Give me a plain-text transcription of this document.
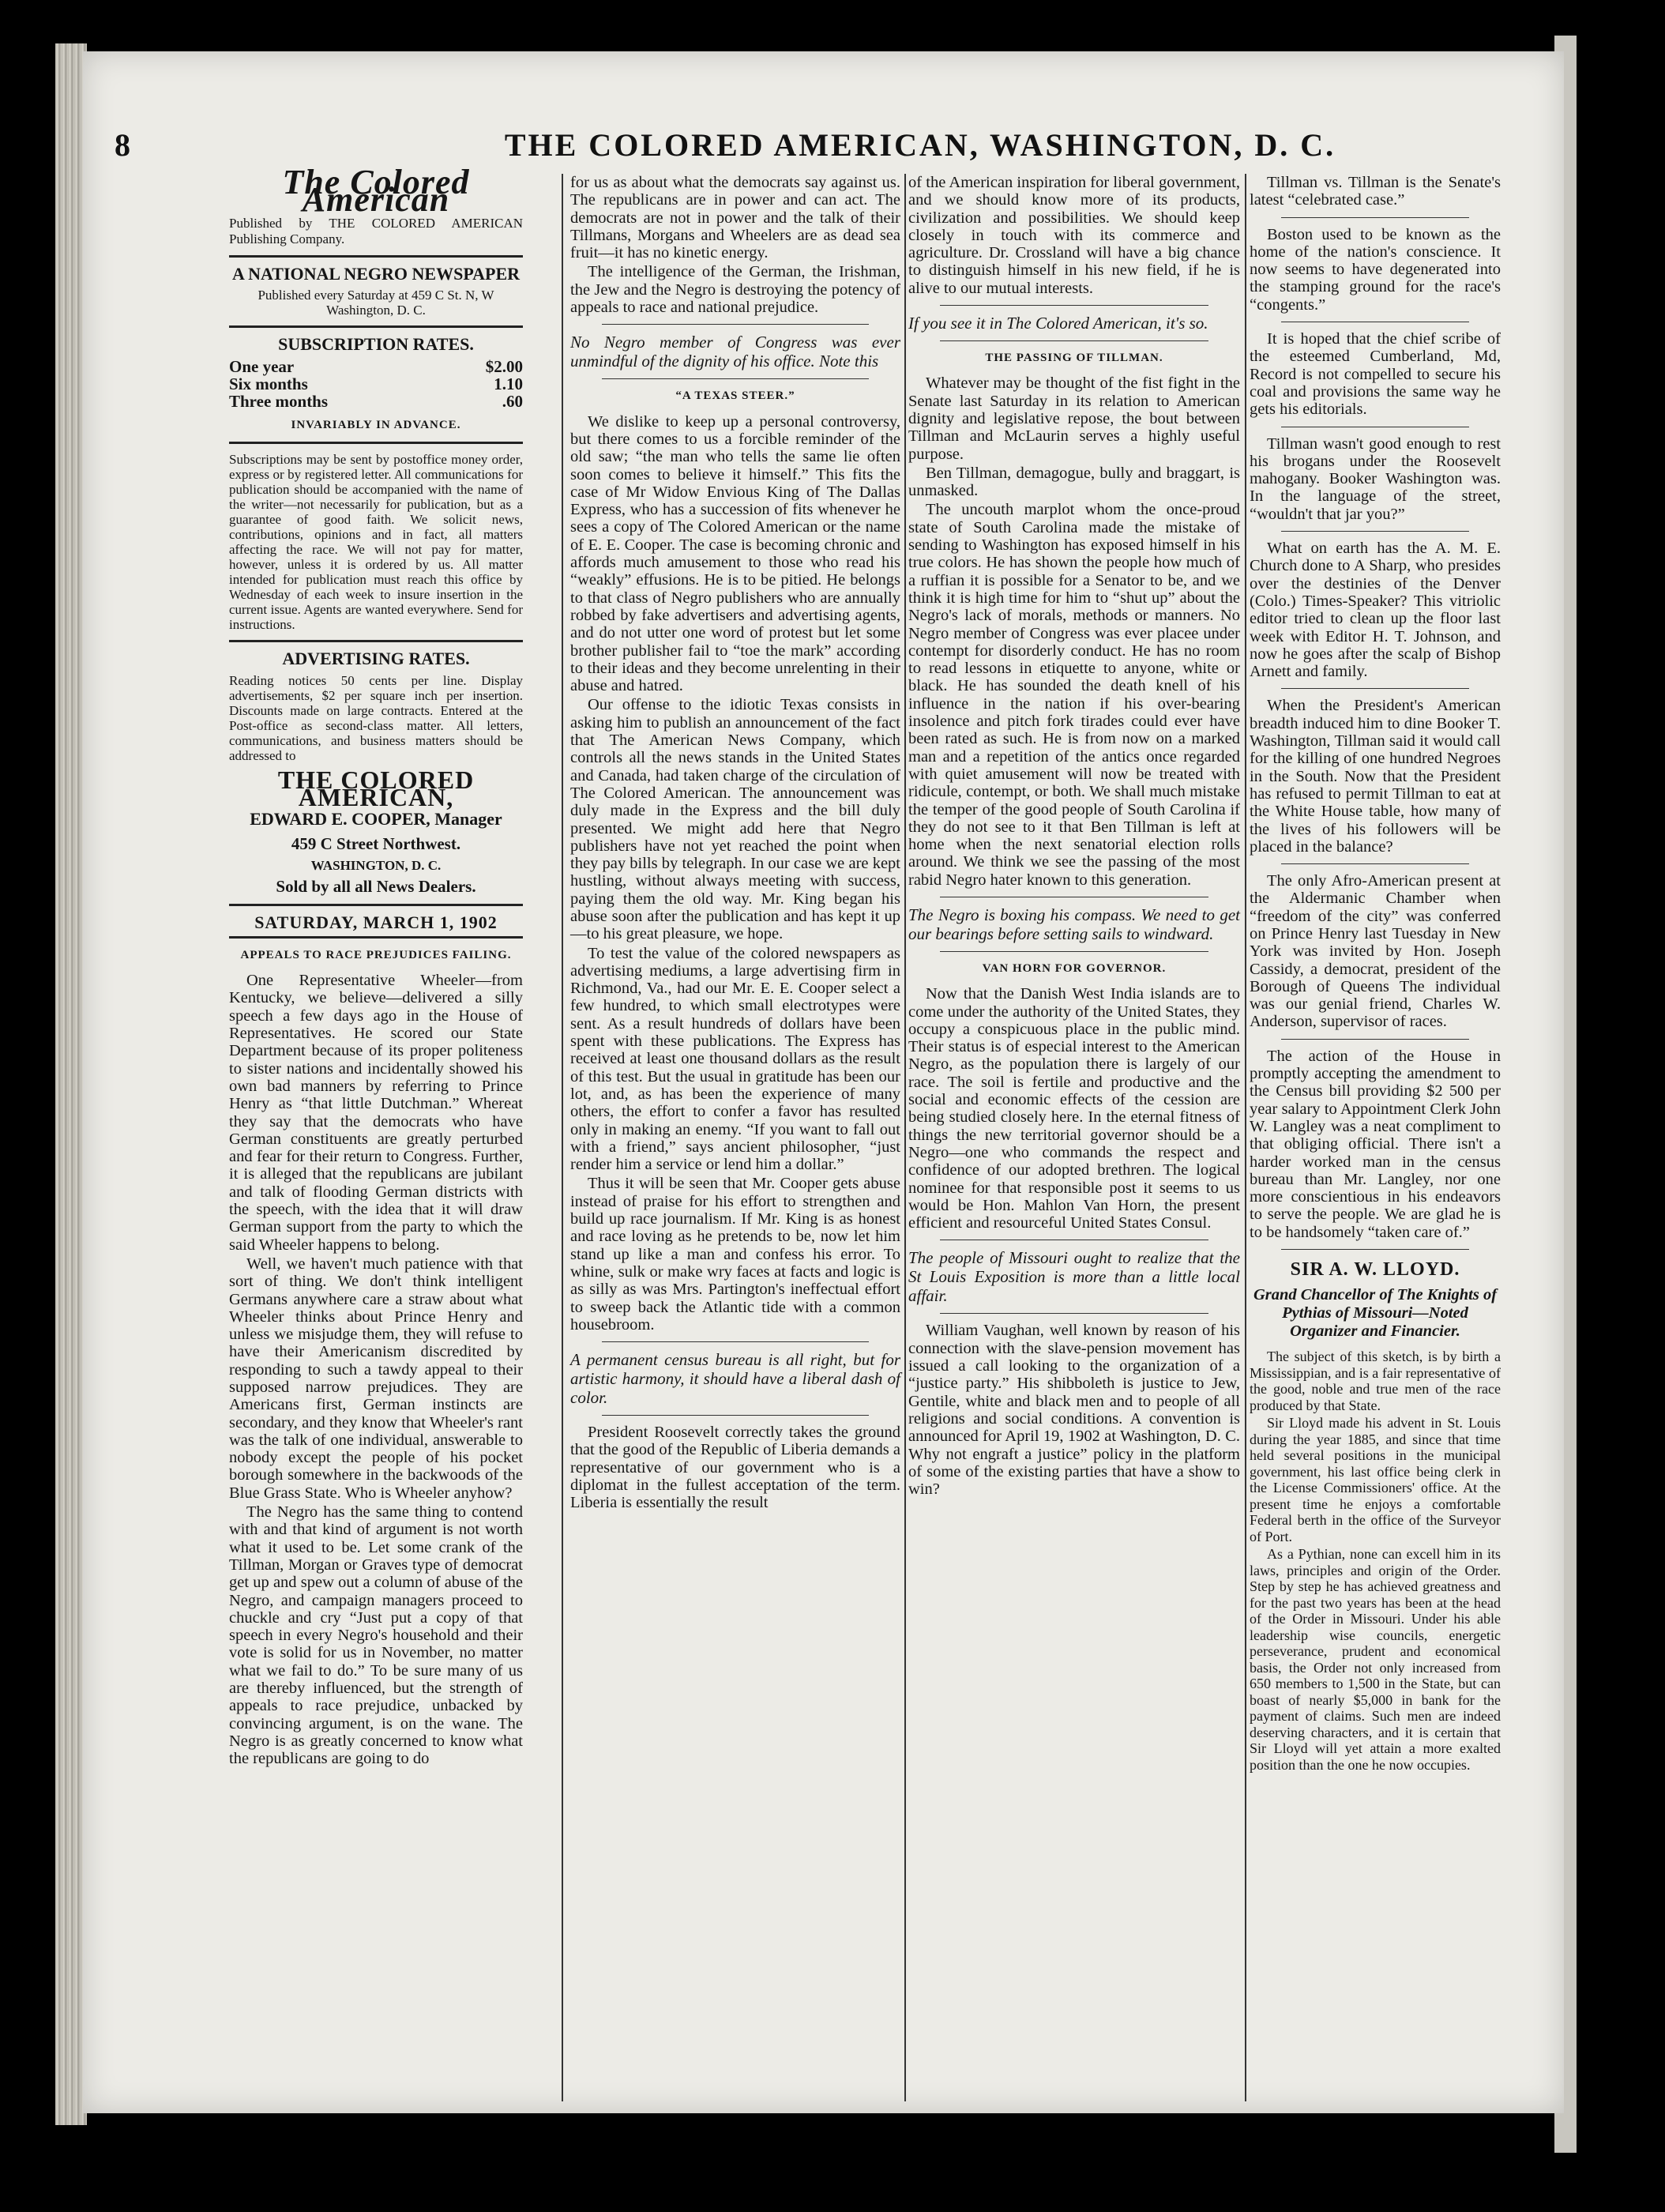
8	THE COLORED AMERICAN, WASHINGTON, D. C.
The Colored American
Published by THE COLORED AMERICAN Publishing Company.
A NATIONAL NEGRO NEWSPAPER
Published every Saturday at 459 C St. N, W Washington, D. C.
SUBSCRIPTION RATES.
One year	$2.00
Six months	1.10
Three months	.60
INVARIABLY IN ADVANCE.
Subscriptions may be sent by postoffice money order, express or by registered letter. All communications for publication should be accompanied with the name of the writer—not necessarily for publication, but as a guarantee of good faith. We solicit news, contributions, opinions and in fact, all matters affecting the race. We will not pay for matter, however, unless it is ordered by us. All matter intended for publication must reach this office by Wednesday of each week to insure insertion in the current issue. Agents are wanted everywhere. Send for instructions.
ADVERTISING RATES.
Reading notices 50 cents per line. Display advertisements, $2 per square inch per insertion. Discounts made on large contracts. Entered at the Post-office as second-class matter. All letters, communications, and business matters should be addressed to
THE COLORED AMERICAN,
EDWARD E. COOPER, Manager
459 C Street Northwest.
WASHINGTON, D. C.
Sold by all all News Dealers.
SATURDAY, MARCH 1, 1902
APPEALS TO RACE PREJUDICES FAILING.

One Representative Wheeler—from Kentucky, we believe—delivered a silly speech a few days ago in the House of Representatives. He scored our State Department because of its proper politeness to sister nations and incidentally showed his own bad manners by referring to Prince Henry as “that little Dutchman.” Whereat they say that the democrats who have German constituents are greatly perturbed and fear for their return to Congress. Further, it is alleged that the republicans are jubilant and talk of flooding German districts with the speech, with the idea that it will draw German support from the party to which the said Wheeler happens to belong.

Well, we haven't much patience with that sort of thing. We don't think intelligent Germans anywhere care a straw about what Wheeler thinks about Prince Henry and unless we misjudge them, they will refuse to have their Americanism discredited by responding to such a tawdy appeal to their supposed narrow prejudices. They are Americans first, German instincts are secondary, and they know that Wheeler's rant was the talk of one individual, answerable to nobody except the people of his pocket borough somewhere in the backwoods of the Blue Grass State. Who is Wheeler anyhow?

The Negro has the same thing to contend with and that kind of argument is not worth what it used to be. Let some crank of the Tillman, Morgan or Graves type of democrat get up and spew out a column of abuse of the Negro, and campaign managers proceed to chuckle and cry “Just put a copy of that speech in every Negro's household and their vote is solid for us in November, no matter what we fail to do.” To be sure many of us are thereby influenced, but the strength of appeals to race prejudice, unbacked by convincing argument, is on the wane. The Negro is as greatly concerned to know what the republicans are going to do

for us as about what the democrats say against us. The republicans are in power and can act. The democrats are not in power and the talk of their Tillmans, Morgans and Wheelers are as dead sea fruit—it has no kinetic energy.

The intelligence of the German, the Irishman, the Jew and the Negro is destroying the potency of appeals to race and national prejudice.

No Negro member of Congress was ever unmindful of the dignity of his office. Note this

“A TEXAS STEER.”

We dislike to keep up a personal controversy, but there comes to us a forcible reminder of the old saw; “the man who tells the same lie often soon comes to believe it himself.” This fits the case of Mr Widow Envious King of The Dallas Express, who has a succession of fits whenever he sees a copy of The Colored American or the name of E. E. Cooper. The case is becoming chronic and affords much amusement to those who read his “weakly” effusions. He is to be pitied. He belongs to that class of Negro publishers who are annually robbed by fake advertisers and advertising agents, and do not utter one word of protest but let some brother publisher fail to “toe the mark” according to their ideas and they become unrelenting in their abuse and hatred.

Our offense to the idiotic Texas consists in asking him to publish an announcement of the fact that The American News Company, which controls all the news stands in the United States and Canada, had taken charge of the circulation of The Colored American. The announcement was duly made in the Express and the bill duly presented. We might add here that Negro publishers have not yet reached the point when they pay bills by telegraph. In our case we are kept hustling, without always meeting with success, paying them the old way. Mr. King began his abuse soon after the publication and has kept it up—to his great pleasure, we hope.

To test the value of the colored newspapers as advertising mediums, a large advertising firm in Richmond, Va., had our Mr. E. E. Cooper select a few hundred, to which small electrotypes were sent. As a result hundreds of dollars have been spent with these publications. The Express has received at least one thousand dollars as the result of this test. But the usual in gratitude has been our lot, and, as has been the experience of many others, the effort to confer a favor has resulted only in making an enemy. “If you want to fall out with a friend,” says ancient philosopher, “just render him a service or lend him a dollar.”

Thus it will be seen that Mr. Cooper gets abuse instead of praise for his effort to strengthen and build up race journalism. If Mr. King is as honest and race loving as he pretends to be, now let him stand up like a man and confess his error. To whine, sulk or make wry faces at facts and logic is as silly as was Mrs. Partington's ineffectual effort to sweep back the Atlantic tide with a common housebroom.

A permanent census bureau is all right, but for artistic harmony, it should have a liberal dash of color.

President Roosevelt correctly takes the ground that the good of the Republic of Liberia demands a representative of our government who is a diplomat in the fullest acceptation of the term. Liberia is essentially the result

of the American inspiration for liberal government, and we should know more of its products, civilization and possibilities. We should keep closely in touch with its commerce and agriculture. Dr. Crossland will have a big chance to distinguish himself in his new field, if he is alive to our mutual interests.

If you see it in The Colored American, it's so.

THE PASSING OF TILLMAN.

Whatever may be thought of the fist fight in the Senate last Saturday in its relation to American dignity and legislative repose, the bout between Tillman and McLaurin serves a highly useful purpose.

Ben Tillman, demagogue, bully and braggart, is unmasked.

The uncouth marplot whom the once-proud state of South Carolina made the mistake of sending to Washington has exposed himself in his true colors. He has shown the people how much of a ruffian it is possible for a Senator to be, and we think it is high time for him to “shut up” about the Negro's lack of morals, methods or manners. No Negro member of Congress was ever placee under contempt for disorderly conduct. He has no room to read lessons in etiquette to anyone, white or black. He has sounded the death knell of his influence in the nation if his over-bearing insolence and pitch fork tirades could ever have been rated as such. He is from now on a marked man and a repetition of the antics once regarded with quiet amusement will now be treated with ridicule, contempt, or both. We shall much mistake the temper of the good people of South Carolina if they do not see to it that Ben Tillman is left at home when the next senatorial election rolls around. We think we see the passing of the most rabid Negro hater known to this generation.

The Negro is boxing his compass. We need to get our bearings before setting sails to windward.

VAN HORN FOR GOVERNOR.

Now that the Danish West India islands are to come under the authority of the United States, they occupy a conspicuous place in the public mind. Their status is of especial interest to the American Negro, as the population there is largely of our race. The soil is fertile and productive and the social and economic effects of the cession are being studied closely here. In the eternal fitness of things the new territorial governor should be a Negro—one who commands the respect and confidence of our adopted brethren. The logical nominee for that responsible post it seems to us would be Hon. Mahlon Van Horn, the present efficient and resourceful United States Consul.

The people of Missouri ought to realize that the St Louis Exposition is more than a little local affair.

William Vaughan, well known by reason of his connection with the slave-pension movement has issued a call looking to the organization of a “justice party.” His shibboleth is justice to Jew, Gentile, white and black men and to people of all religions and social conditions. A convention is announced for April 19, 1902 at Washington, D. C. Why not engraft a justice” policy in the platform of some of the existing parties that have a show to win?

Tillman vs. Tillman is the Senate's latest “celebrated case.”

Boston used to be known as the home of the nation's conscience. It now seems to have degenerated into the stamping ground for the race's “congents.”

It is hoped that the chief scribe of the esteemed Cumberland, Md, Record is not compelled to secure his coal and provisions the same way he gets his editorials.

Tillman wasn't good enough to rest his brogans under the Roosevelt mahogany. Booker Washington was. In the language of the street, “wouldn't that jar you?”

What on earth has the A. M. E. Church done to A Sharp, who presides over the destinies of the Denver (Colo.) Times-Speaker? This vitriolic editor tried to clean up the floor last week with Editor H. T. Johnson, and now he goes after the scalp of Bishop Arnett and family.

When the President's American breadth induced him to dine Booker T. Washington, Tillman said it would call for the killing of one hundred Negroes in the South. Now that the President has refused to permit Tillman to eat at the White House table, how many of the lives of his followers will be placed in the balance?

The only Afro-American present at the Aldermanic Chamber when “freedom of the city” was conferred on Prince Henry last Tuesday in New York was invited by Hon. Joseph Cassidy, a democrat, president of the Borough of Queens The individual was our genial friend, Charles W. Anderson, supervisor of races.

The action of the House in promptly accepting the amendment to the Census bill providing $2 500 per year salary to Appointment Clerk John W. Langley was a neat compliment to that obliging official. There isn't a harder worked man in the census bureau than Mr. Langley, nor one more conscientious in his endeavors to serve the people. We are glad he is to be handsomely “taken care of.”

SIR A. W. LLOYD.
Grand Chancellor of The Knights of Pythias of Missouri—Noted Organizer and Financier.

The subject of this sketch, is by birth a Mississippian, and is a fair representative of the good, noble and true men of the race produced by that State.

Sir Lloyd made his advent in St. Louis during the year 1885, and since that time held several positions in the municipal government, his last office being clerk in the License Commissioners' office. At the present time he enjoys a comfortable Federal berth in the office of the Surveyor of Port.

As a Pythian, none can excell him in its laws, principles and origin of the Order. Step by step he has achieved greatness and for the past two years has been at the head of the Order in Missouri. Under his able leadership wise councils, energetic perseverance, prudent and economical basis, the Order not only increased from 650 members to 1,500 in the State, but can boast of nearly $5,000 in bank for the payment of claims. Such men are indeed deserving characters, and it is certain that Sir Lloyd will yet attain a more exalted position than the one he now occupies.
